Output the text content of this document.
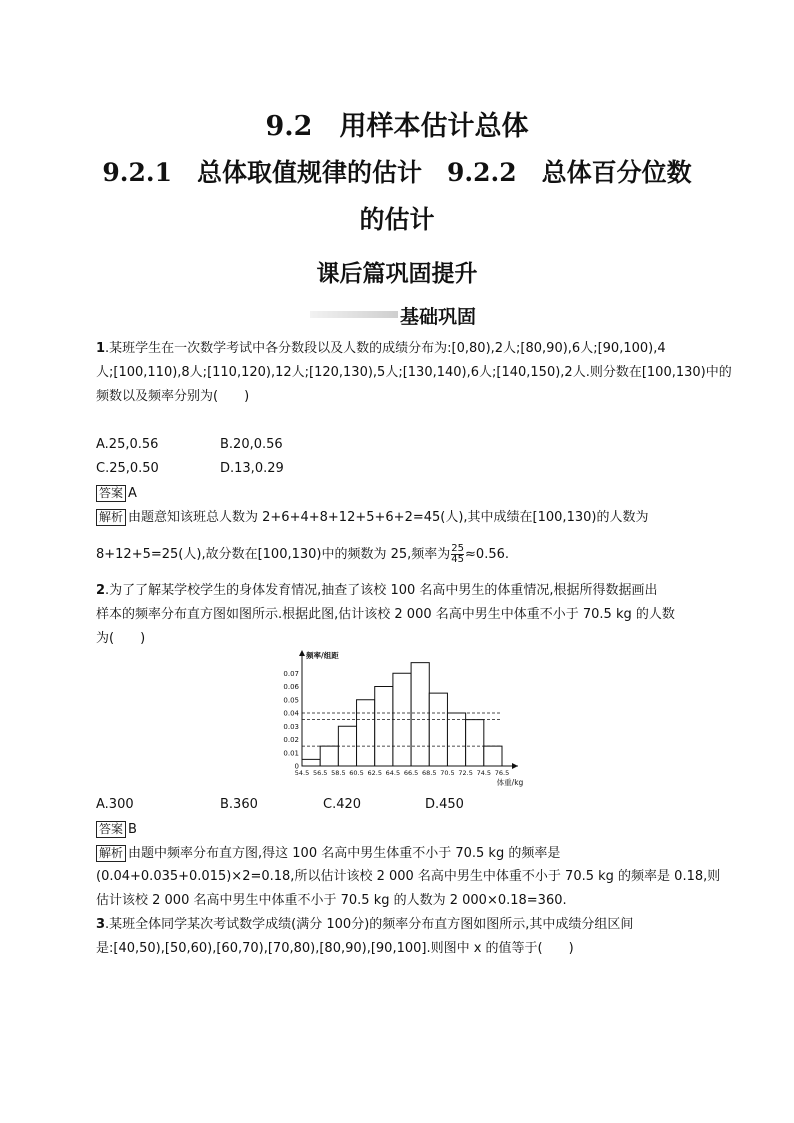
9.2　用样本估计总体
9.2.1　总体取值规律的估计　9.2.2　总体百分位数
的估计
课后篇巩固提升
基础巩固
1.某班学生在一次数学考试中各分数段以及人数的成绩分布为:[0,80),2人;[80,90),6人;[90,100),4
人;[100,110),8人;[110,120),12人;[120,130),5人;[130,140),6人;[140,150),2人.则分数在[100,130)中的
频数以及频率分别为(　　)
A.25,0.56	B.20,0.56
C.25,0.50	D.13,0.29
答案 A
解析 由题意知该班总人数为 2+6+4+8+12+5+6+2=45(人),其中成绩在[100,130)的人数为
8+12+5=25(人),故分数在[100,130)中的频数为 25,频率为 $\frac{25}{45} \approx 0.56$.
2.为了了解某学校学生的身体发育情况,抽查了该校 100 名高中男生的体重情况,根据所得数据画出
样本的频率分布直方图如图所示.根据此图,估计该校 2 000 名高中男生中体重不小于 70.5 kg 的人数
为(　　)
0
0.01
0.02
0.03
0.04
0.05
0.06
0.07
54.5 56.5 58.5 60.5 62.5 64.5 66.5 68.5 70.5 72.5 74.5 76.5
频率/组距
体重/kg
A.300	B.360	C.420	D.450
答案 B
解析 由题中频率分布直方图,得这 100 名高中男生体重不小于 70.5 kg 的频率是
(0.04+0.035+0.015)×2=0.18,所以估计该校 2 000 名高中男生中体重不小于 70.5 kg 的频率是 0.18,则
估计该校 2 000 名高中男生中体重不小于 70.5 kg 的人数为 2 000×0.18=360.
3.某班全体同学某次考试数学成绩(满分 100分)的频率分布直方图如图所示,其中成绩分组区间
是:[40,50),[50,60),[60,70),[70,80),[80,90),[90,100].则图中 x 的值等于(　　)
